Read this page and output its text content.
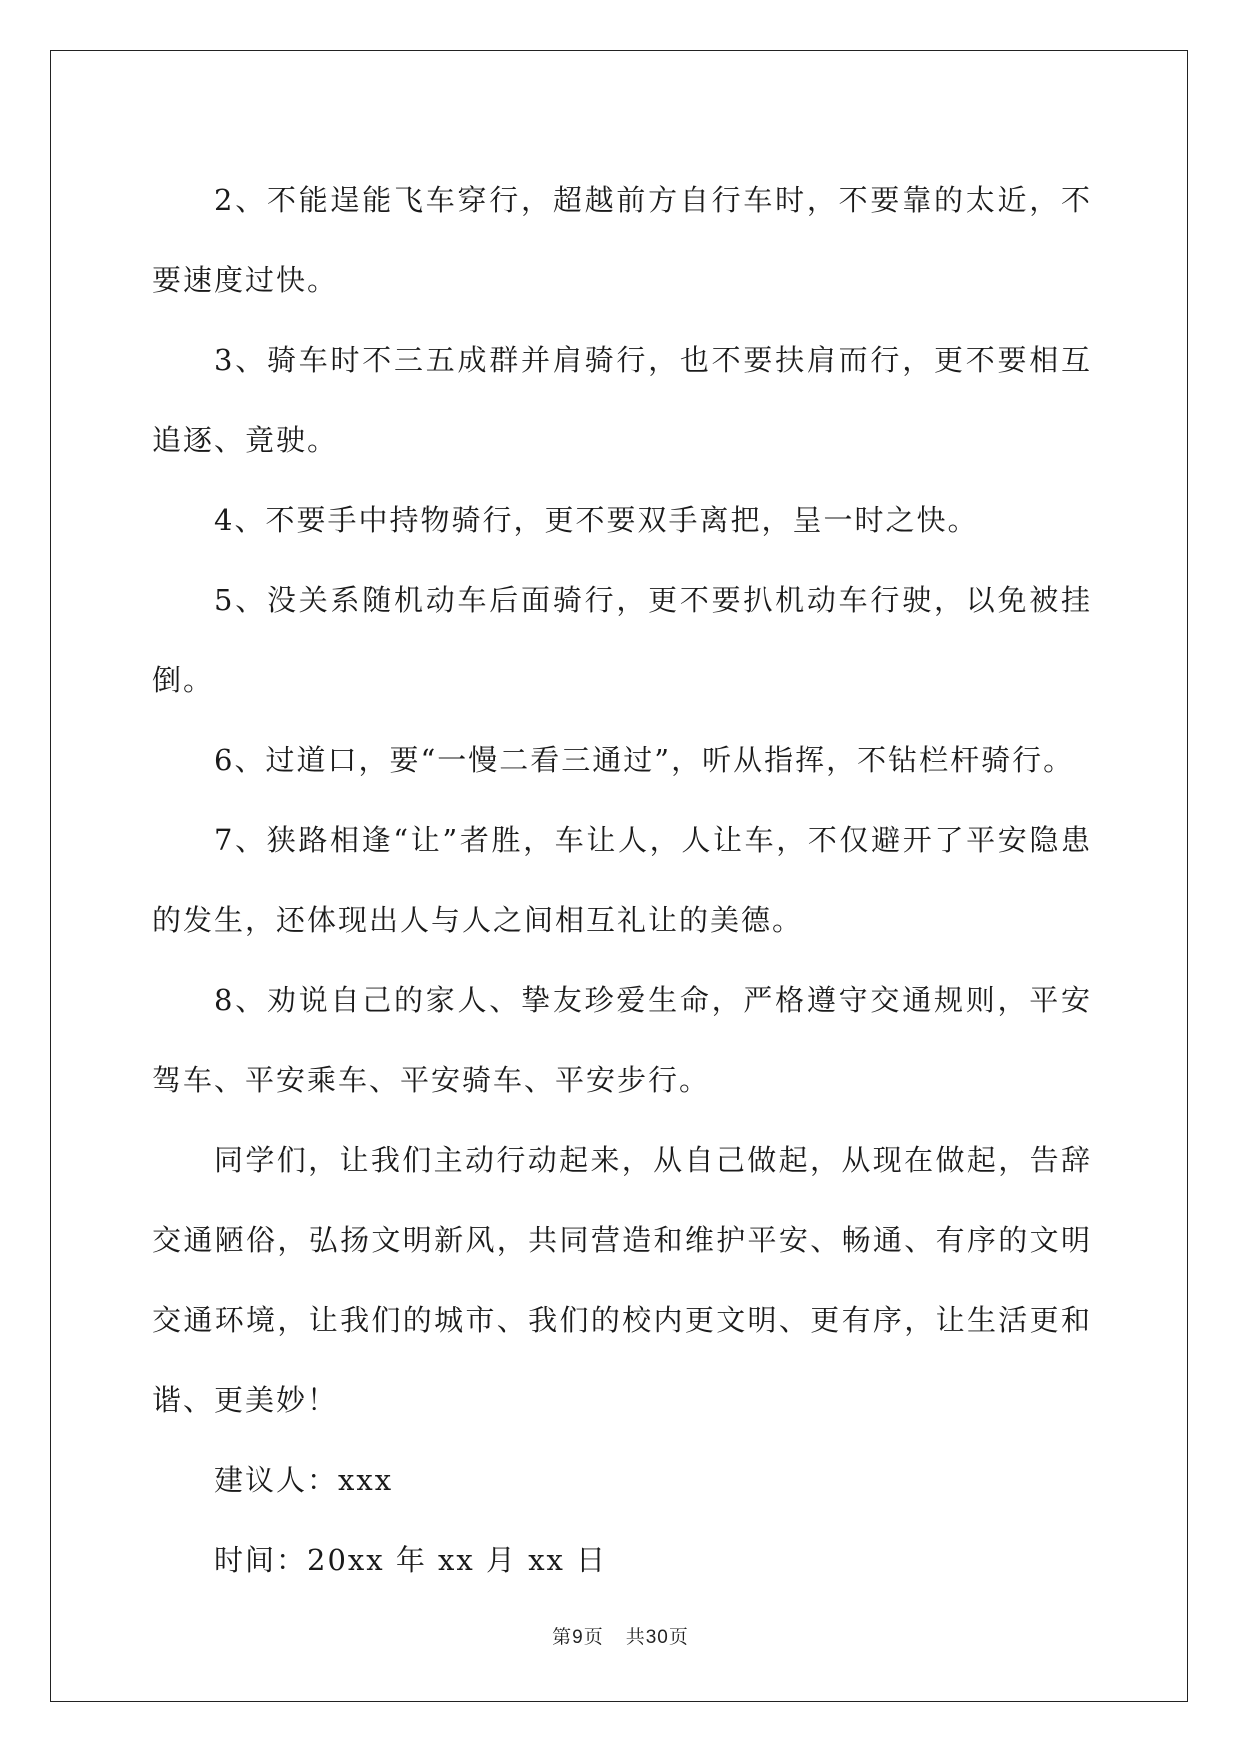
2、不能逞能飞车穿行，超越前方自行车时，不要靠的太近，不要速度过快。

3、骑车时不三五成群并肩骑行，也不要扶肩而行，更不要相互追逐、竟驶。

4、不要手中持物骑行，更不要双手离把，呈一时之快。

5、没关系随机动车后面骑行，更不要扒机动车行驶，以免被挂倒。

6、过道口，要“一慢二看三通过”，听从指挥，不钻栏杆骑行。

7、狭路相逢“让”者胜，车让人，人让车，不仅避开了平安隐患的发生，还体现出人与人之间相互礼让的美德。

8、劝说自己的家人、挚友珍爱生命，严格遵守交通规则，平安驾车、平安乘车、平安骑车、平安步行。

同学们，让我们主动行动起来，从自己做起，从现在做起，告辞交通陋俗，弘扬文明新风，共同营造和维护平安、畅通、有序的文明交通环境，让我们的城市、我们的校内更文明、更有序，让生活更和谐、更美妙！

建议人：xxx

时间：20xx 年 xx 月 xx 日

第9页 共30页
